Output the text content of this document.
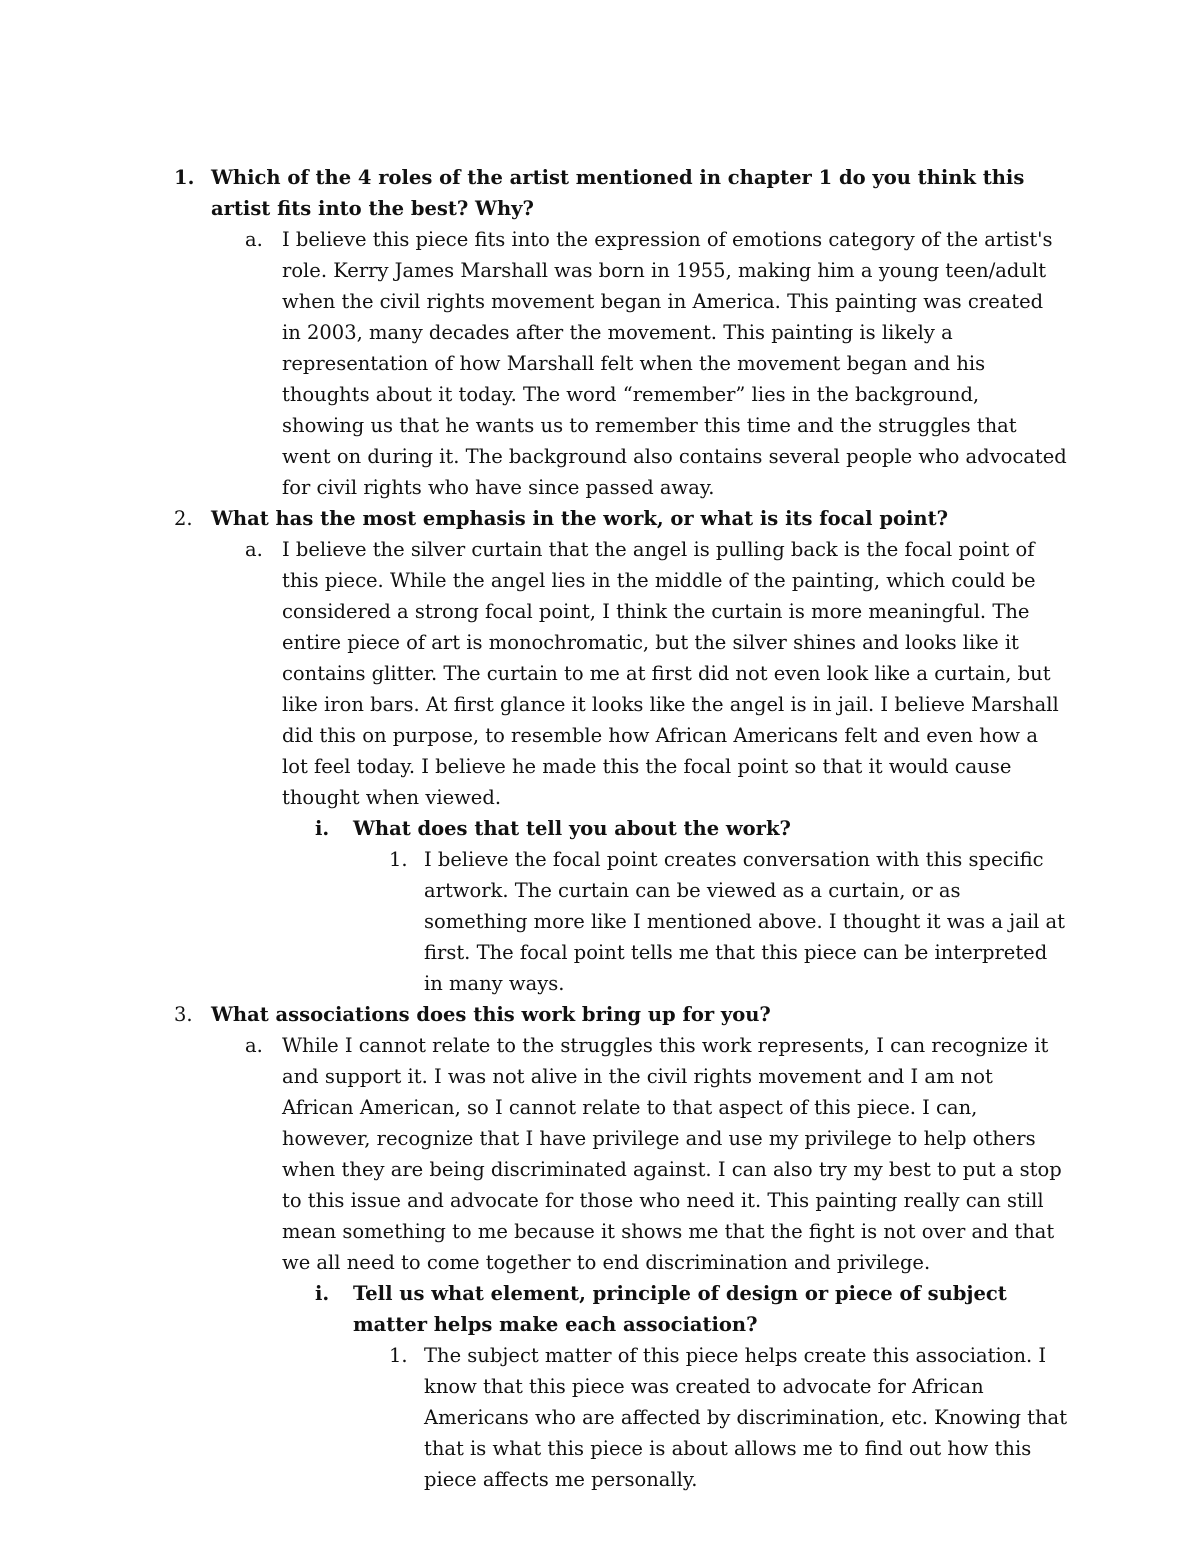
1. Which of the 4 roles of the artist mentioned in chapter 1 do you think this artist fits into the best? Why?
a. I believe this piece fits into the expression of emotions category of the artist's role. Kerry James Marshall was born in 1955, making him a young teen/adult when the civil rights movement began in America. This painting was created in 2003, many decades after the movement. This painting is likely a representation of how Marshall felt when the movement began and his thoughts about it today. The word “remember” lies in the background, showing us that he wants us to remember this time and the struggles that went on during it. The background also contains several people who advocated for civil rights who have since passed away.
2. What has the most emphasis in the work, or what is its focal point?
a. I believe the silver curtain that the angel is pulling back is the focal point of this piece. While the angel lies in the middle of the painting, which could be considered a strong focal point, I think the curtain is more meaningful. The entire piece of art is monochromatic, but the silver shines and looks like it contains glitter. The curtain to me at first did not even look like a curtain, but like iron bars. At first glance it looks like the angel is in jail. I believe Marshall did this on purpose, to resemble how African Americans felt and even how a lot feel today. I believe he made this the focal point so that it would cause thought when viewed.
i. What does that tell you about the work?
1. I believe the focal point creates conversation with this specific artwork. The curtain can be viewed as a curtain, or as something more like I mentioned above. I thought it was a jail at first. The focal point tells me that this piece can be interpreted in many ways.
3. What associations does this work bring up for you?
a. While I cannot relate to the struggles this work represents, I can recognize it and support it. I was not alive in the civil rights movement and I am not African American, so I cannot relate to that aspect of this piece. I can, however, recognize that I have privilege and use my privilege to help others when they are being discriminated against. I can also try my best to put a stop to this issue and advocate for those who need it. This painting really can still mean something to me because it shows me that the fight is not over and that we all need to come together to end discrimination and privilege.
i. Tell us what element, principle of design or piece of subject matter helps make each association?
1. The subject matter of this piece helps create this association. I know that this piece was created to advocate for African Americans who are affected by discrimination, etc. Knowing that that is what this piece is about allows me to find out how this piece affects me personally.
